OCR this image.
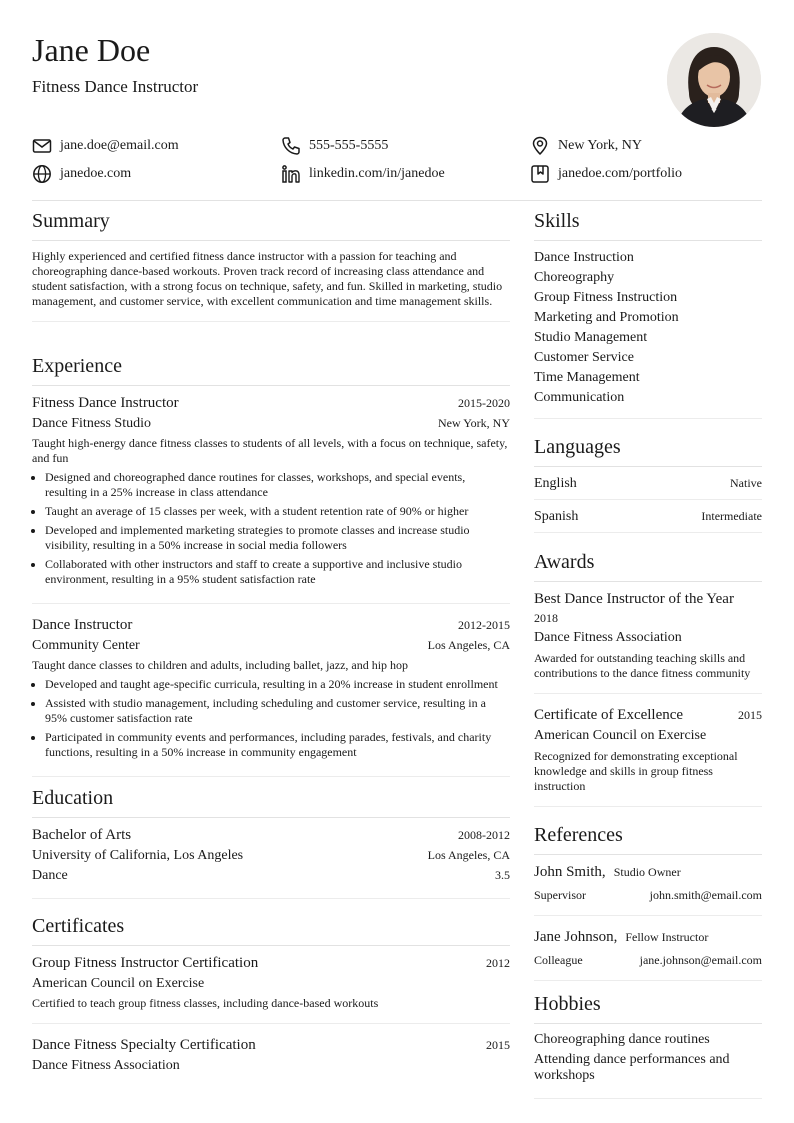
Jane Doe
Fitness Dance Instructor
jane.doe@email.com	555-555-5555	New York, NY
janedoe.com	linkedin.com/in/janedoe	janedoe.com/portfolio
Summary
Highly experienced and certified fitness dance instructor with a passion for teaching and choreographing dance-based workouts. Proven track record of increasing class attendance and student satisfaction, with a strong focus on technique, safety, and fun. Skilled in marketing, studio management, and customer service, with excellent communication and time management skills.
Experience
Fitness Dance Instructor	2015-2020
Dance Fitness Studio	New York, NY
Taught high-energy dance fitness classes to students of all levels, with a focus on technique, safety, and fun
• Designed and choreographed dance routines for classes, workshops, and special events, resulting in a 25% increase in class attendance
• Taught an average of 15 classes per week, with a student retention rate of 90% or higher
• Developed and implemented marketing strategies to promote classes and increase studio visibility, resulting in a 50% increase in social media followers
• Collaborated with other instructors and staff to create a supportive and inclusive studio environment, resulting in a 95% student satisfaction rate
Dance Instructor	2012-2015
Community Center	Los Angeles, CA
Taught dance classes to children and adults, including ballet, jazz, and hip hop
• Developed and taught age-specific curricula, resulting in a 20% increase in student enrollment
• Assisted with studio management, including scheduling and customer service, resulting in a 95% customer satisfaction rate
• Participated in community events and performances, including parades, festivals, and charity functions, resulting in a 50% increase in community engagement
Education
Bachelor of Arts	2008-2012
University of California, Los Angeles	Los Angeles, CA
Dance	3.5
Certificates
Group Fitness Instructor Certification	2012
American Council on Exercise
Certified to teach group fitness classes, including dance-based workouts
Dance Fitness Specialty Certification	2015
Dance Fitness Association
Skills
Dance Instruction
Choreography
Group Fitness Instruction
Marketing and Promotion
Studio Management
Customer Service
Time Management
Communication
Languages
English	Native
Spanish	Intermediate
Awards
Best Dance Instructor of the Year
2018
Dance Fitness Association
Awarded for outstanding teaching skills and contributions to the dance fitness community
Certificate of Excellence	2015
American Council on Exercise
Recognized for demonstrating exceptional knowledge and skills in group fitness instruction
References
John Smith, Studio Owner
Supervisor	john.smith@email.com
Jane Johnson, Fellow Instructor
Colleague	jane.johnson@email.com
Hobbies
Choreographing dance routines
Attending dance performances and workshops
